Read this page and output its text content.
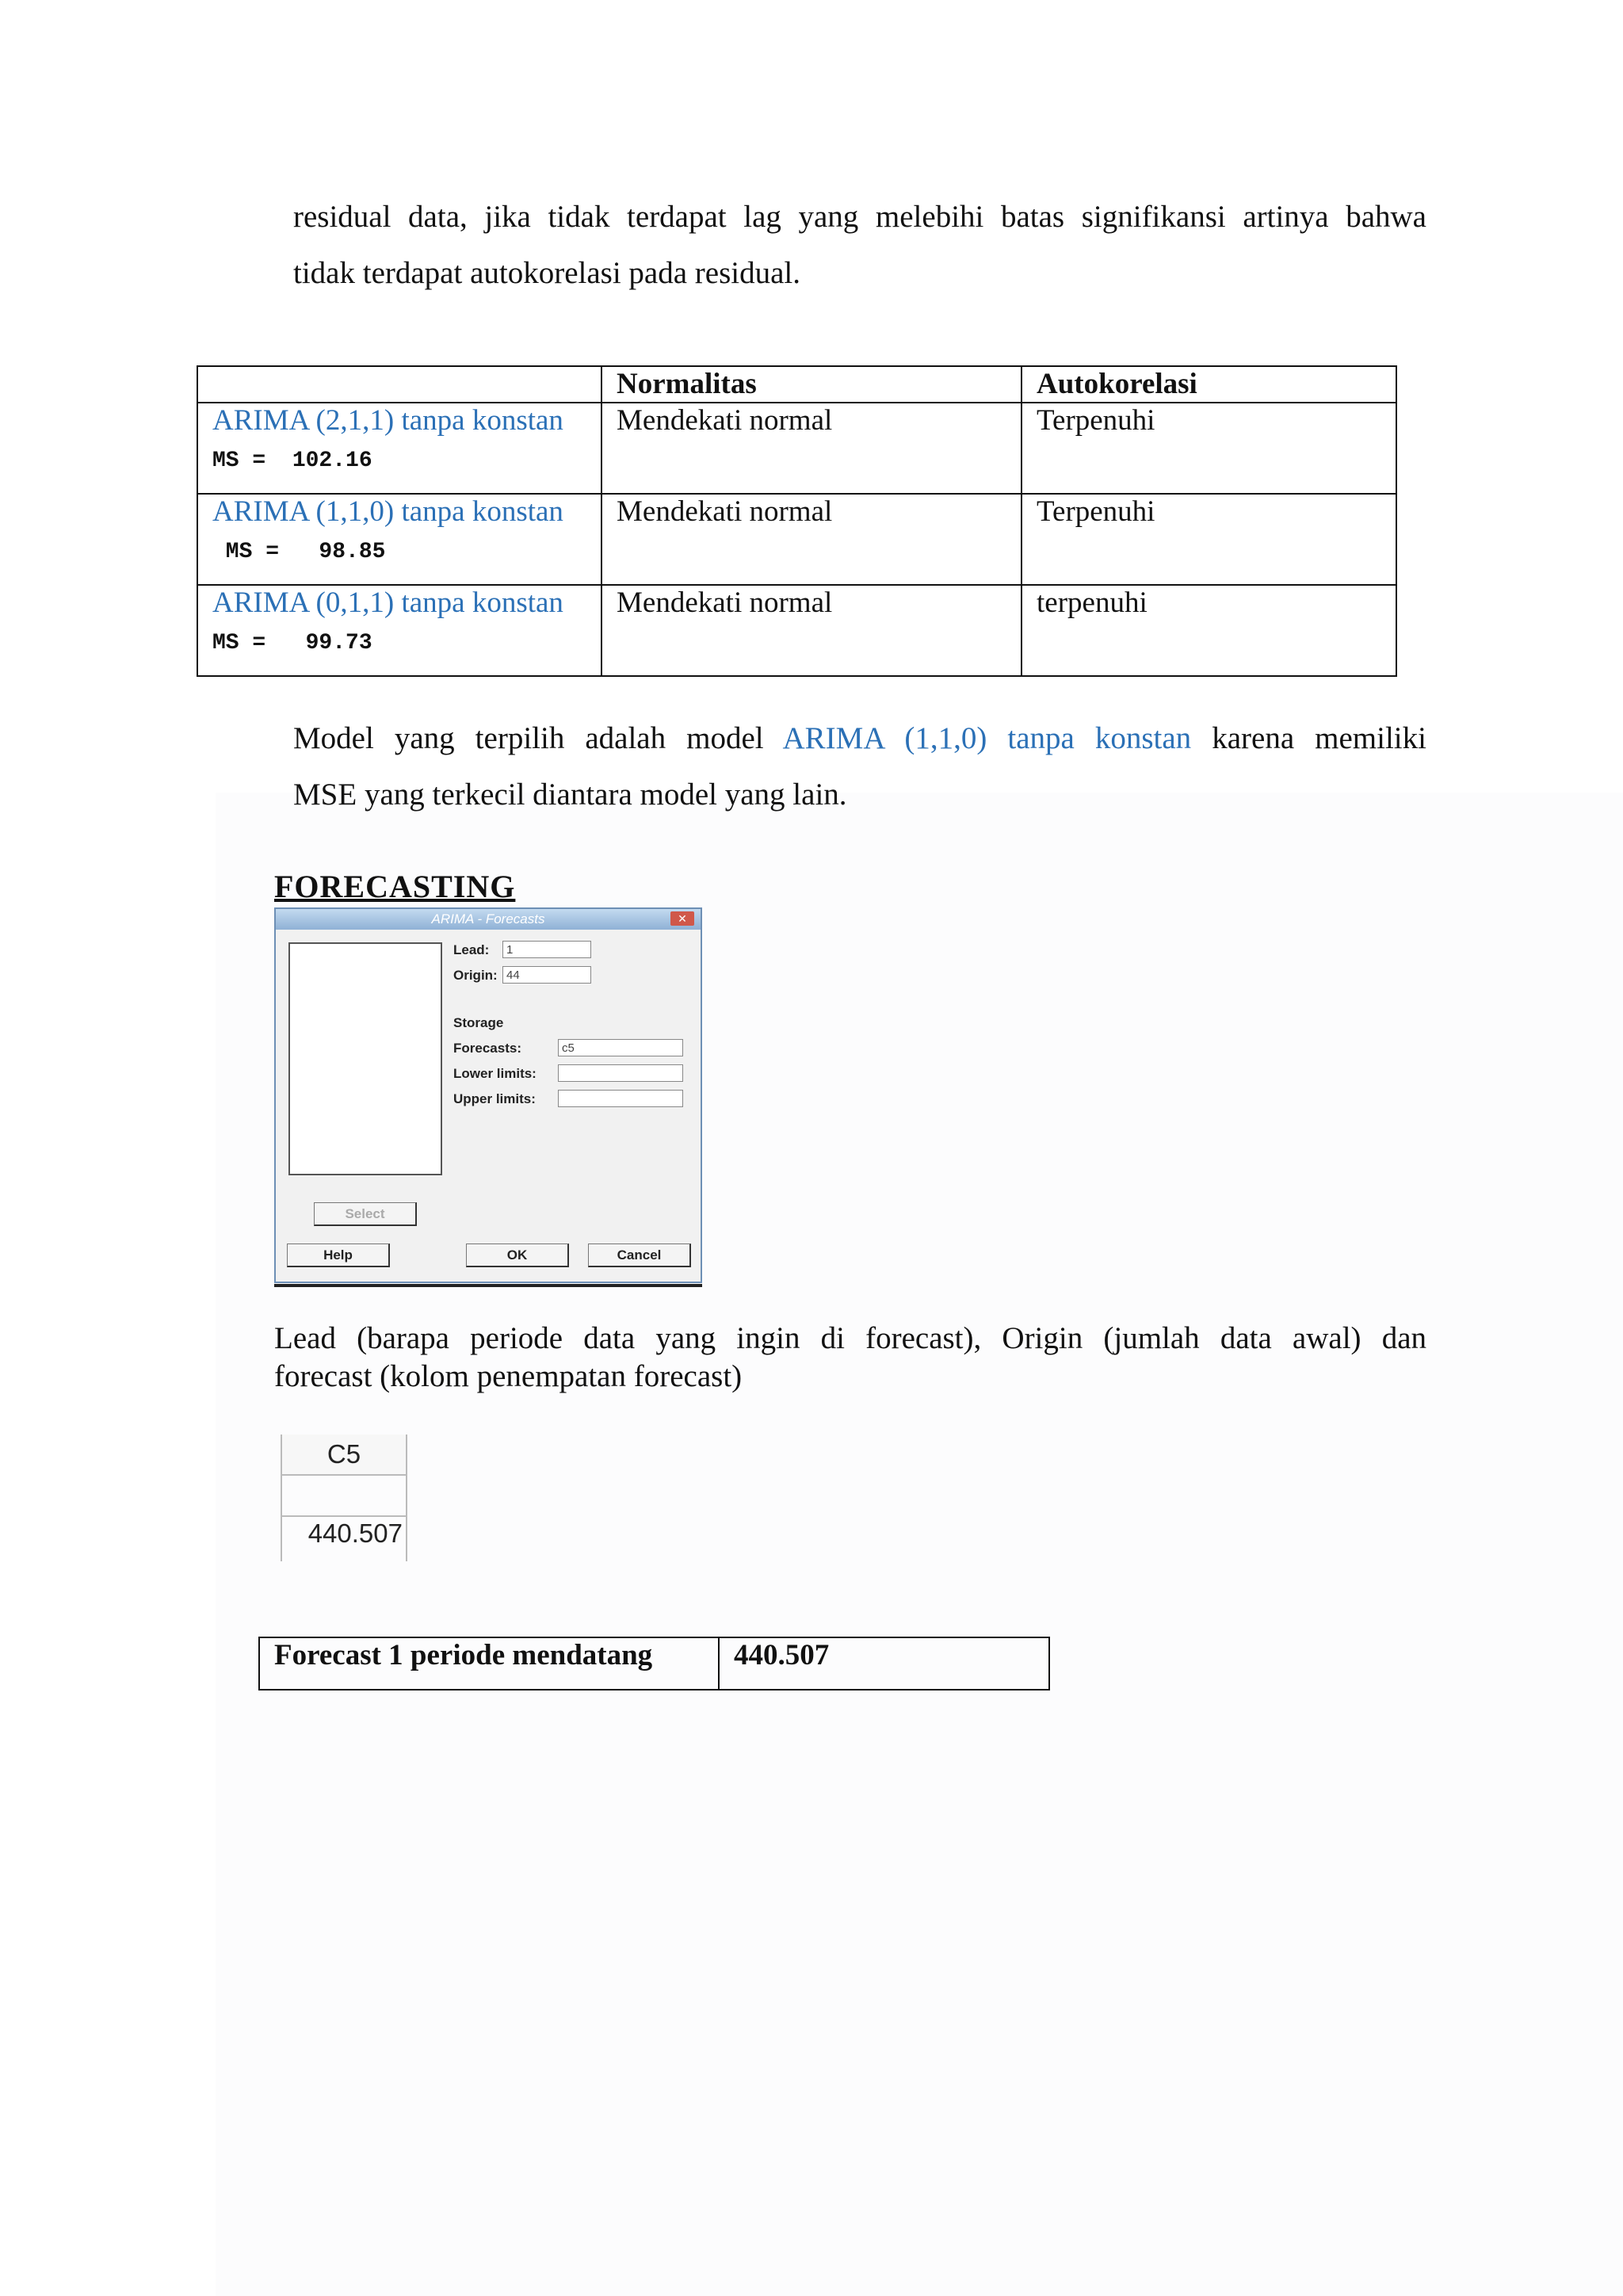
residual data, jika tidak terdapat lag yang melebihi batas signifikansi artinya bahwa
tidak terdapat autokorelasi pada residual.
	Normalitas	Autokorelasi
ARIMA (2,1,1) tanpa konstan
MS =  102.16	Mendekati normal	Terpenuhi
ARIMA (1,1,0) tanpa konstan
MS =   98.85	Mendekati normal	Terpenuhi
ARIMA (0,1,1) tanpa konstan
MS =   99.73	Mendekati normal	terpenuhi
Model yang terpilih adalah model ARIMA (1,1,0) tanpa konstan karena memiliki
MSE yang terkecil diantara model yang lain.
FORECASTING
ARIMA - Forecasts	✕
Lead:	1
Origin: 44
Storage
Forecasts:	c5
Lower limits:
Upper limits:
Select
Help	OK	Cancel
Lead (barapa periode data yang ingin di forecast), Origin (jumlah data awal) dan
forecast (kolom penempatan forecast)
C5
440.507
Forecast 1 periode mendatang	440.507
